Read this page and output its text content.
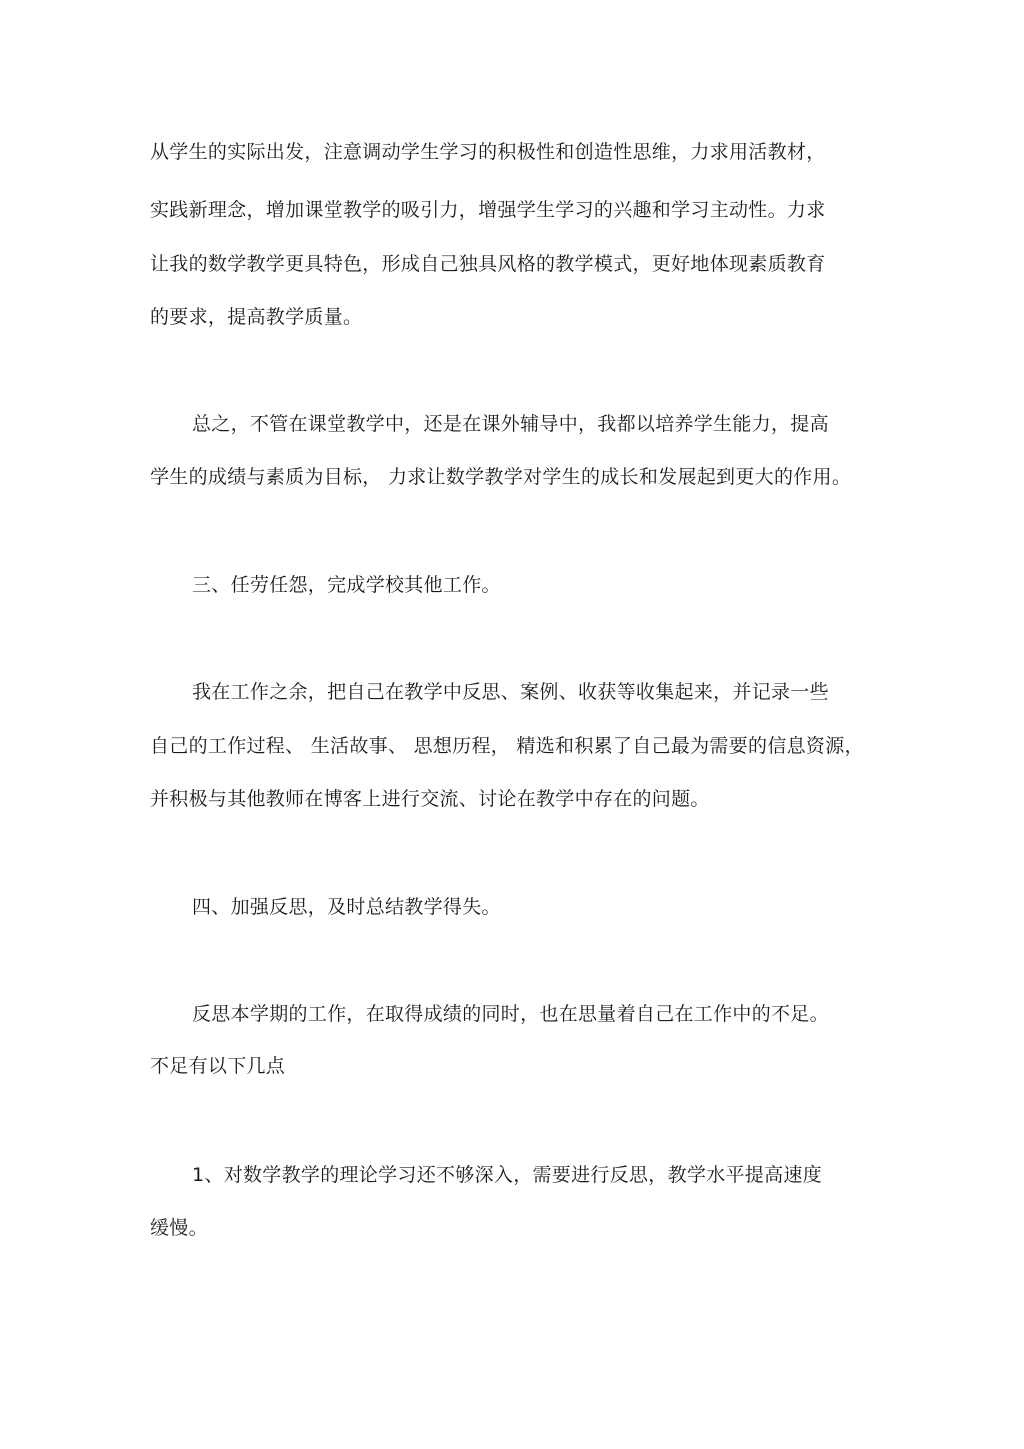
从学生的实际出发，注意调动学生学习的积极性和创造性思维，力求用活教材，
实践新理念，增加课堂教学的吸引力，增强学生学习的兴趣和学习主动性。力求
让我的数学教学更具特色，形成自己独具风格的教学模式，更好地体现素质教育
的要求，提高教学质量。
总之，不管在课堂教学中，还是在课外辅导中，我都以培养学生能力，提高
学生的成绩与素质为目标， 力求让数学教学对学生的成长和发展起到更大的作用。
三、任劳任怨，完成学校其他工作。
我在工作之余，把自己在教学中反思、案例、收获等收集起来，并记录一些
自己的工作过程、 生活故事、 思想历程， 精选和积累了自己最为需要的信息资源，
并积极与其他教师在博客上进行交流、讨论在教学中存在的问题。
四、加强反思，及时总结教学得失。
反思本学期的工作，在取得成绩的同时，也在思量着自己在工作中的不足。
不足有以下几点
1、对数学教学的理论学习还不够深入，需要进行反思，教学水平提高速度
缓慢。
